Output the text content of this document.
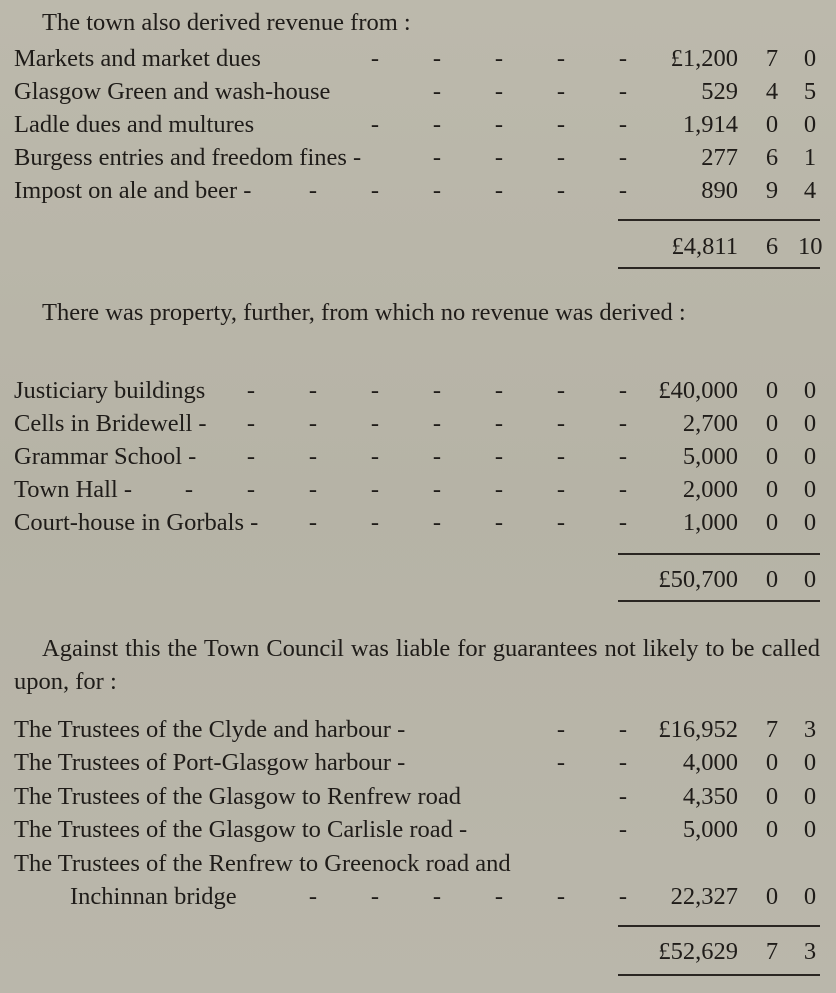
The town also derived revenue from :
Markets and market dues	-	-	-	-	- £1,200 7 0
Glasgow Green and wash-house	-	-	-	-	529 4 5
Ladle dues and multures	-	-	-	-	- 1,914 0 0
Burgess entries and freedom fines -	-	-	-	-	277 6 1
Impost on ale and beer -	-	-	-	-	-	-	890 9 4
£4,811 6 10
There was property, further, from which no revenue was derived :
Justiciary buildings	-	-	-	-	-	-	- £40,000 0 0
Cells in Bridewell -	-	-	-	-	-	-	- 2,700 0 0
Grammar School -	-	-	-	-	-	-	- 5,000 0 0
Town Hall -	-	-	-	-	-	-	-	- 2,000 0 0
Court-house in Gorbals -	-	-	-	-	-	- 1,000 0 0
£50,700 0 0
Against this the Town Council was liable for guarantees not likely to be called upon, for :
The Trustees of the Clyde and harbour -	-	- £16,952 7 3
The Trustees of Port-Glasgow harbour -	-	- 4,000 0 0
The Trustees of the Glasgow to Renfrew road	- 4,350 0 0
The Trustees of the Glasgow to Carlisle road -	- 5,000 0 0
The Trustees of the Renfrew to Greenock road and
Inchinnan bridge	-	-	-	-	-	- 22,327 0 0
£52,629 7 3
